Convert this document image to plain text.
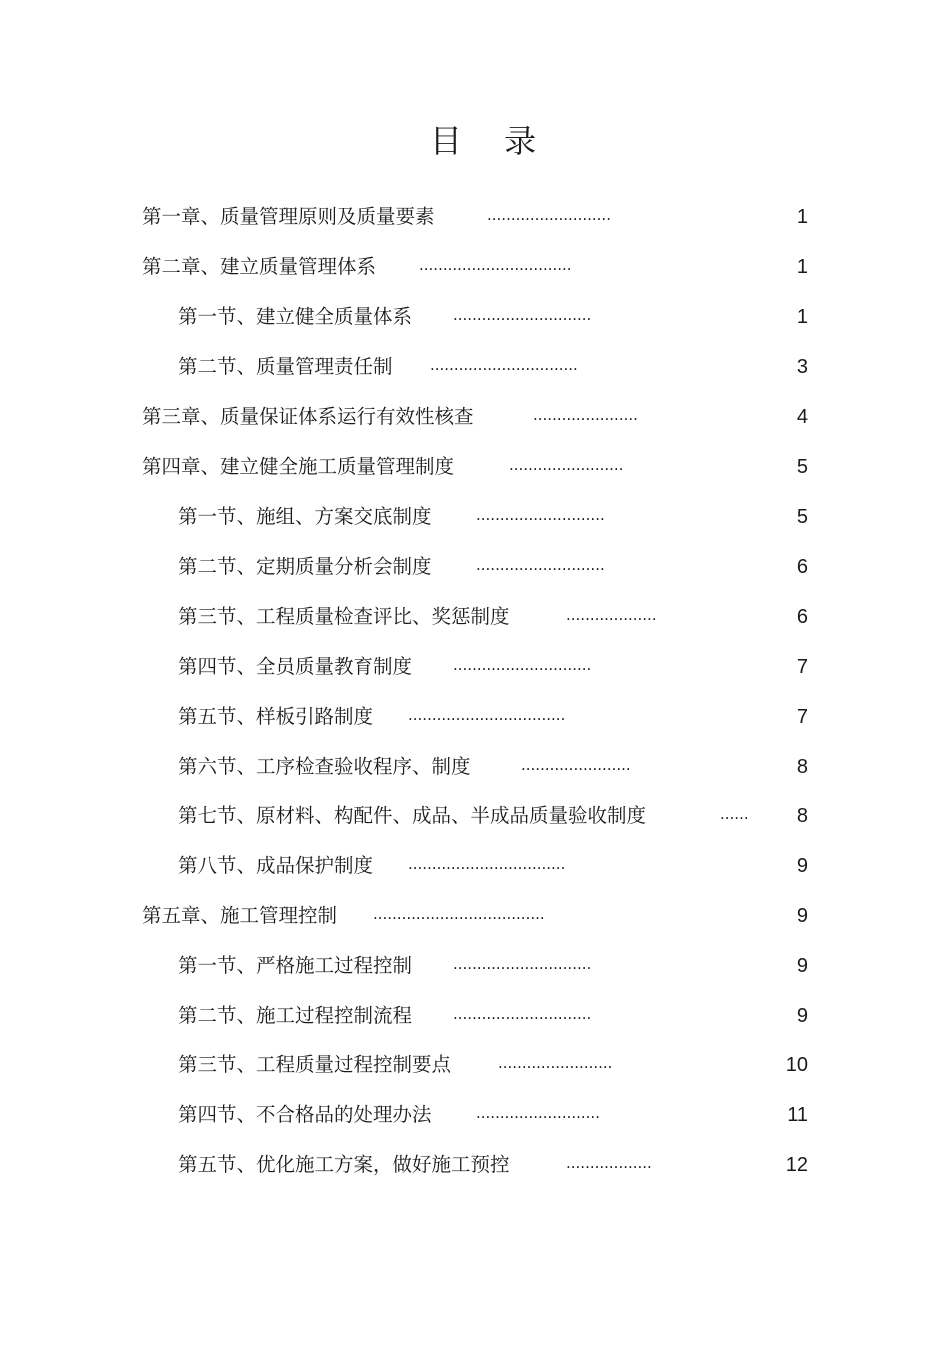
目 录
第一章、质量管理原则及质量要素	..........................	1
第二章、建立质量管理体系	................................	1
第一节、建立健全质量体系	.............................	1
第二节、质量管理责任制 ...............................	3
第三章、质量保证体系运行有效性核查	......................	4
第四章、建立健全施工质量管理制度	........................	5
第一节、施组、方案交底制度	...........................	5
第二节、定期质量分析会制度	...........................	6
第三节、工程质量检查评比、奖惩制度	...................	6
第四节、全员质量教育制度	.............................	7
第五节、样板引路制度 .................................	7
第六节、工序检查验收程序、制度	.......................	8
第七节、原材料、构配件、成品、半成品质量验收制度	...... 8
第八节、成品保护制度 .................................	9
第五章、施工管理控制 ....................................	9
第一节、严格施工过程控制	.............................	9
第二节、施工过程控制流程	.............................	9
第三节、工程质量过程控制要点	........................	10
第四节、不合格品的处理办法	..........................	11
第五节、优化施工方案，做好施工预控	..................	12
